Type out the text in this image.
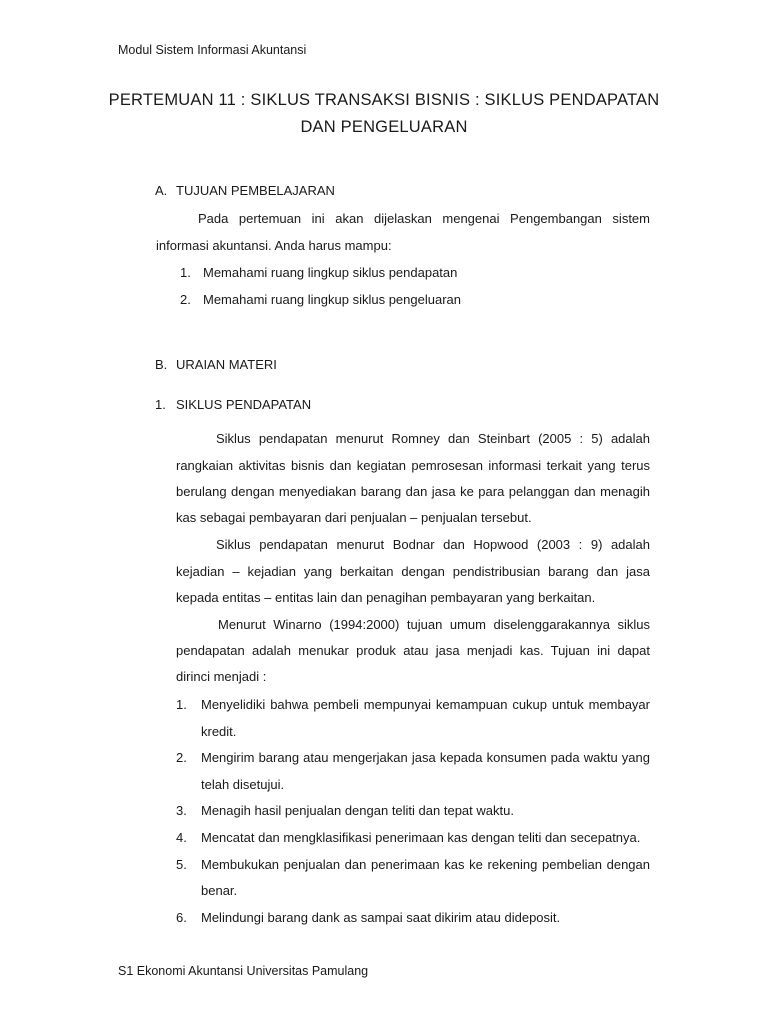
Modul Sistem Informasi Akuntansi
PERTEMUAN 11 : SIKLUS TRANSAKSI BISNIS : SIKLUS PENDAPATAN
DAN PENGELUARAN
A. TUJUAN PEMBELAJARAN
Pada pertemuan ini akan dijelaskan mengenai Pengembangan sistem
informasi akuntansi. Anda harus mampu:
1. Memahami ruang lingkup siklus pendapatan
2. Memahami ruang lingkup siklus pengeluaran
B. URAIAN MATERI
1. SIKLUS PENDAPATAN
Siklus pendapatan menurut Romney dan Steinbart (2005 : 5) adalah
rangkaian aktivitas bisnis dan kegiatan pemrosesan informasi terkait yang terus
berulang dengan menyediakan barang dan jasa ke para pelanggan dan menagih
kas sebagai pembayaran dari penjualan – penjualan tersebut.
Siklus pendapatan menurut Bodnar dan Hopwood (2003 : 9) adalah
kejadian – kejadian yang berkaitan dengan pendistribusian barang dan jasa
kepada entitas – entitas lain dan penagihan pembayaran yang berkaitan.
Menurut Winarno (1994:2000) tujuan umum diselenggarakannya siklus
pendapatan adalah menukar produk atau jasa menjadi kas. Tujuan ini dapat
dirinci menjadi :
1. Menyelidiki bahwa pembeli mempunyai kemampuan cukup untuk membayar
kredit.
2. Mengirim barang atau mengerjakan jasa kepada konsumen pada waktu yang
telah disetujui.
3. Menagih hasil penjualan dengan teliti dan tepat waktu.
4. Mencatat dan mengklasifikasi penerimaan kas dengan teliti dan secepatnya.
5. Membukukan penjualan dan penerimaan kas ke rekening pembelian dengan
benar.
6. Melindungi barang dank as sampai saat dikirim atau dideposit.
S1 Ekonomi Akuntansi Universitas Pamulang
